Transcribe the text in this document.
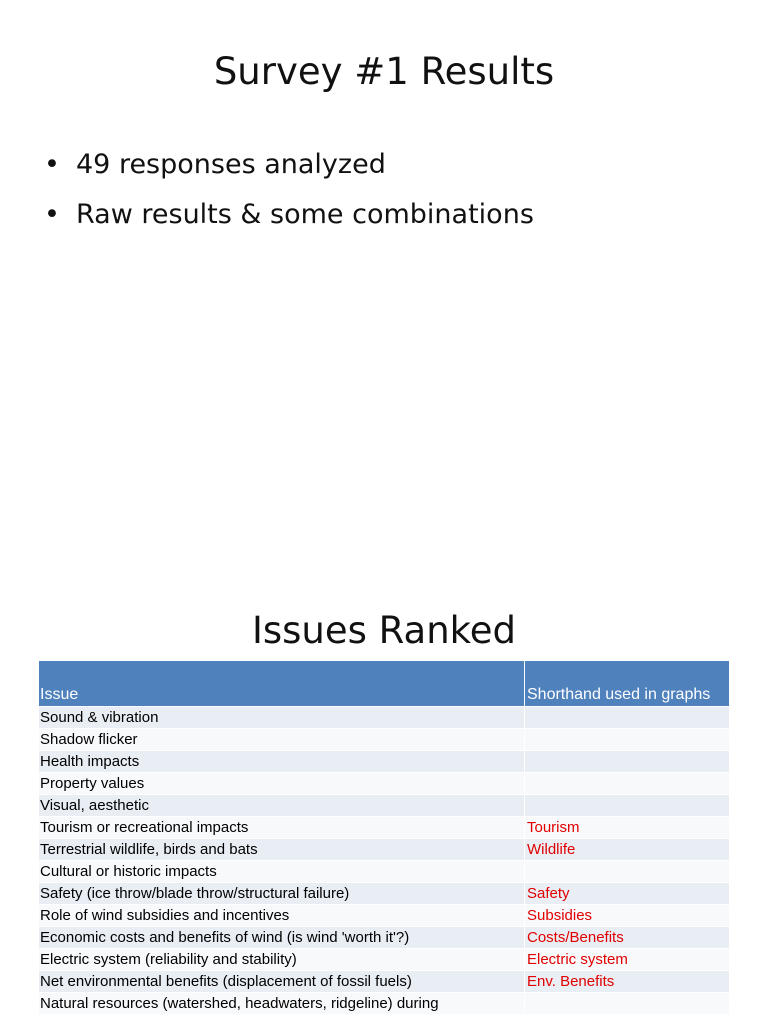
Survey #1 Results
• 49 responses analyzed
• Raw results & some combinations
Issues Ranked
Issue	Shorthand used in graphs
Sound & vibration	
Shadow flicker	
Health impacts	
Property values	
Visual, aesthetic	
Tourism or recreational impacts	Tourism
Terrestrial wildlife, birds and bats	Wildlife
Cultural or historic impacts	
Safety (ice throw/blade throw/structural failure)	Safety
Role of wind subsidies and incentives	Subsidies
Economic costs and benefits of wind (is wind 'worth it'?)	Costs/Benefits
Electric system (reliability and stability)	Electric system
Net environmental benefits (displacement of fossil fuels)	Env. Benefits
Natural resources (watershed, headwaters, ridgeline) during	
